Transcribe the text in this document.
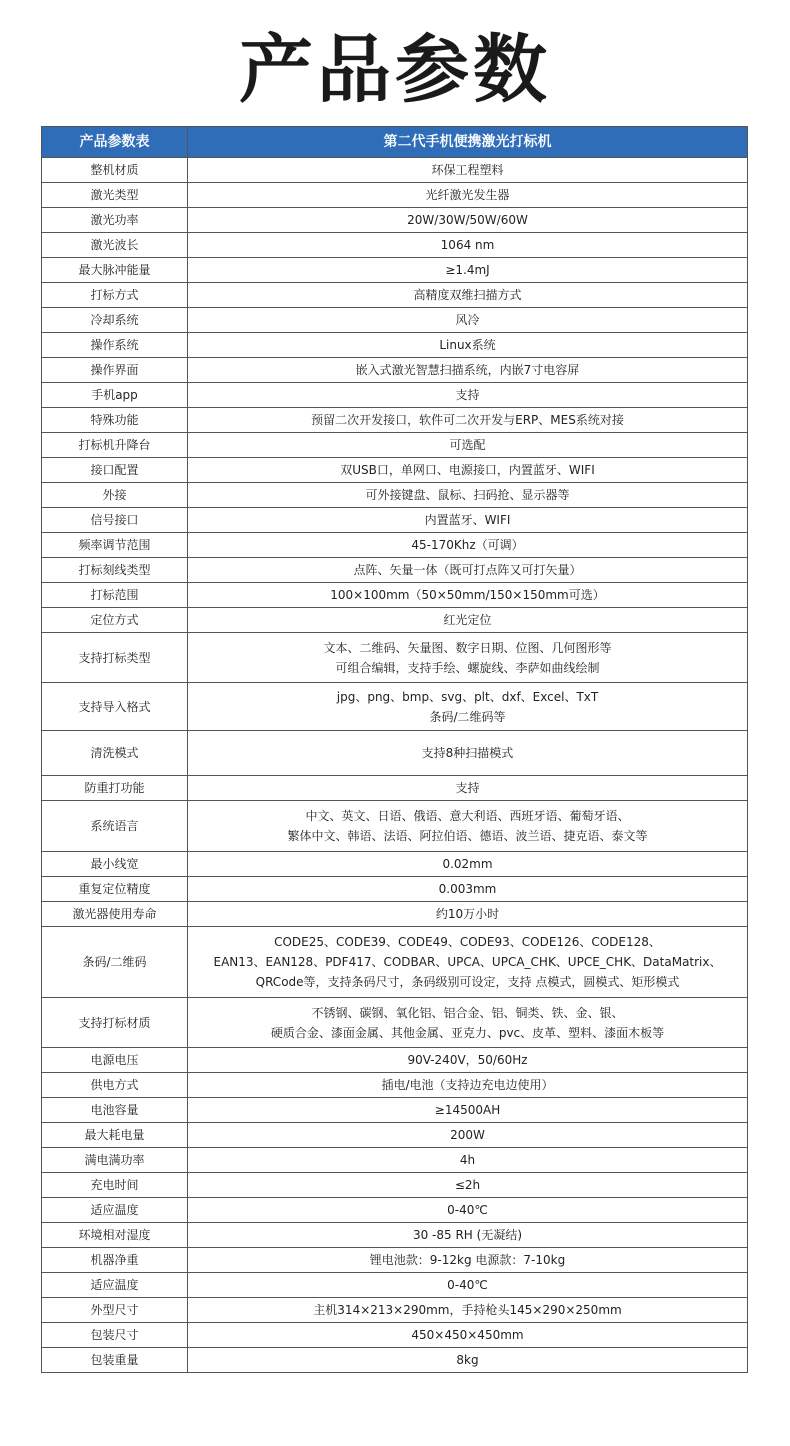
产品参数
产品参数表	第二代手机便携激光打标机
整机材质	环保工程塑料

激光类型	光纤激光发生器

激光功率	20W/30W/50W/60W

激光波长	1064 nm

最大脉冲能量	≥1.4mJ

打标方式	高精度双维扫描方式

冷却系统	风冷

操作系统	Linux系统

操作界面	嵌入式激光智慧扫描系统，内嵌7寸电容屏

手机app	支持

特殊功能	预留二次开发接口，软件可二次开发与ERP、MES系统对接

打标机升降台	可选配

接口配置	双USB口，单网口、电源接口，内置蓝牙、WIFI

外接	可外接键盘、鼠标、扫码抢、显示器等

信号接口	内置蓝牙、WIFI

频率调节范围	45-170Khz（可调）

打标刻线类型	点阵、矢量一体（既可打点阵又可打矢量）

打标范围	100×100mm（50×50mm/150×150mm可选）

定位方式	红光定位

支持打标类型	文本、二维码、矢量图、数字日期、位图、几何图形等
可组合编辑，支持手绘、螺旋线、李萨如曲线绘制

支持导入格式	jpg、png、bmp、svg、plt、dxf、Excel、TxT
条码/二维码等

清洗模式	支持8种扫描模式

防重打功能	支持

系统语言	中文、英文、日语、俄语、意大利语、西班牙语、葡萄牙语、
繁体中文、韩语、法语、阿拉伯语、德语、波兰语、捷克语、泰文等

最小线宽	0.02mm

重复定位精度	0.003mm

激光器使用寿命	约10万小时

条码/二维码	CODE25、CODE39、CODE49、CODE93、CODE126、CODE128、
EAN13、EAN128、PDF417、CODBAR、UPCA、UPCA_CHK、UPCE_CHK、DataMatrix、
QRCode等，支持条码尺寸，条码级别可设定，支持 点模式，圆模式、矩形模式

支持打标材质	不锈钢、碳钢、氧化铝、铝合金、铝、铜类、铁、金、银、
硬质合金、漆面金属、其他金属、亚克力、pvc、皮革、塑料、漆面木板等

电源电压	90V-240V，50/60Hz

供电方式	插电/电池（支持边充电边使用）

电池容量	≥14500AH

最大耗电量	200W

满电满功率	4h

充电时间	≤2h

适应温度	0-40℃

环境相对湿度	30 -85 RH (无凝结)

机器净重	锂电池款：9-12kg 电源款：7-10kg

适应温度	0-40℃

外型尺寸	主机314×213×290mm，手持枪头145×290×250mm

包装尺寸	450×450×450mm

包装重量	8kg
